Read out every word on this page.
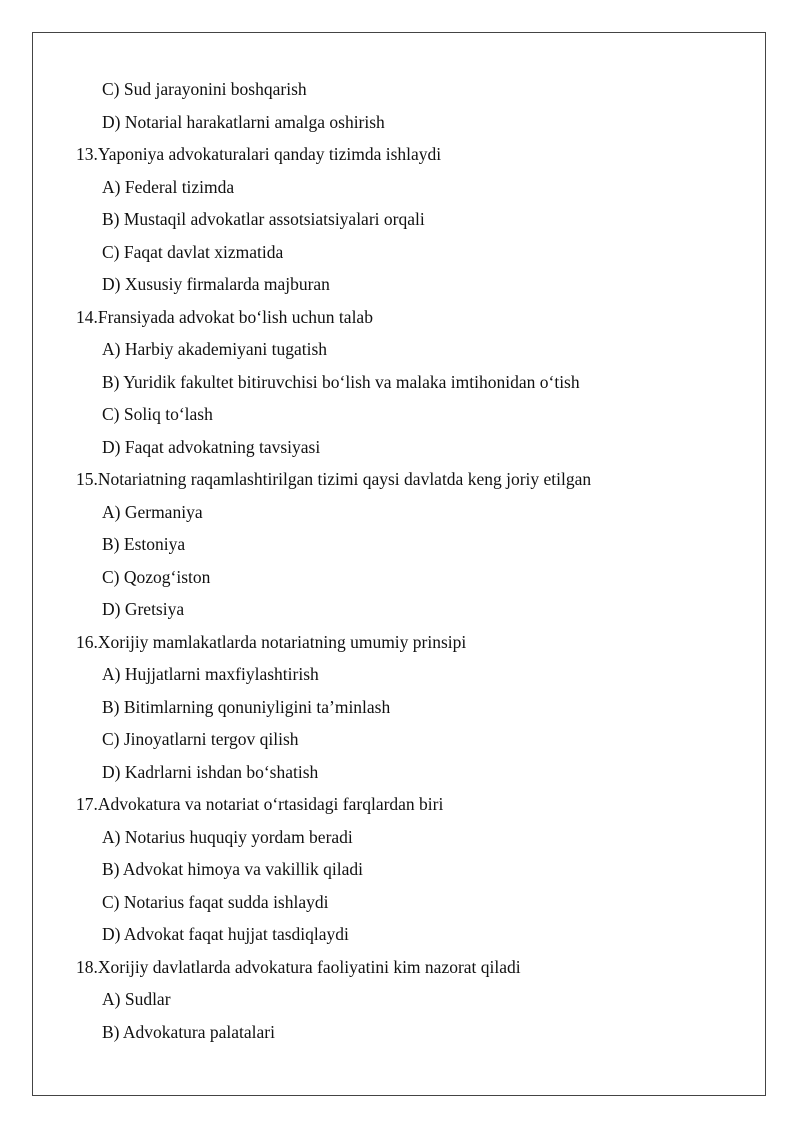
C) Sud jarayonini boshqarish
D) Notarial harakatlarni amalga oshirish
13.Yaponiya advokaturalari qanday tizimda ishlaydi
A) Federal tizimda
B) Mustaqil advokatlar assotsiatsiyalari orqali
C) Faqat davlat xizmatida
D) Xususiy firmalarda majburan
14.Fransiyada advokat bo‘lish uchun talab
A) Harbiy akademiyani tugatish
B) Yuridik fakultet bitiruvchisi bo‘lish va malaka imtihonidan o‘tish
C) Soliq to‘lash
D) Faqat advokatning tavsiyasi
15.Notariatning raqamlashtirilgan tizimi qaysi davlatda keng joriy etilgan
A) Germaniya
B) Estoniya
C) Qozog‘iston
D) Gretsiya
16.Xorijiy mamlakatlarda notariatning umumiy prinsipi
A) Hujjatlarni maxfiylashtirish
B) Bitimlarning qonuniyligini ta’minlash
C) Jinoyatlarni tergov qilish
D) Kadrlarni ishdan bo‘shatish
17.Advokatura va notariat o‘rtasidagi farqlardan biri
A) Notarius huquqiy yordam beradi
B) Advokat himoya va vakillik qiladi
C) Notarius faqat sudda ishlaydi
D) Advokat faqat hujjat tasdiqlaydi
18.Xorijiy davlatlarda advokatura faoliyatini kim nazorat qiladi
A) Sudlar
B) Advokatura palatalari
